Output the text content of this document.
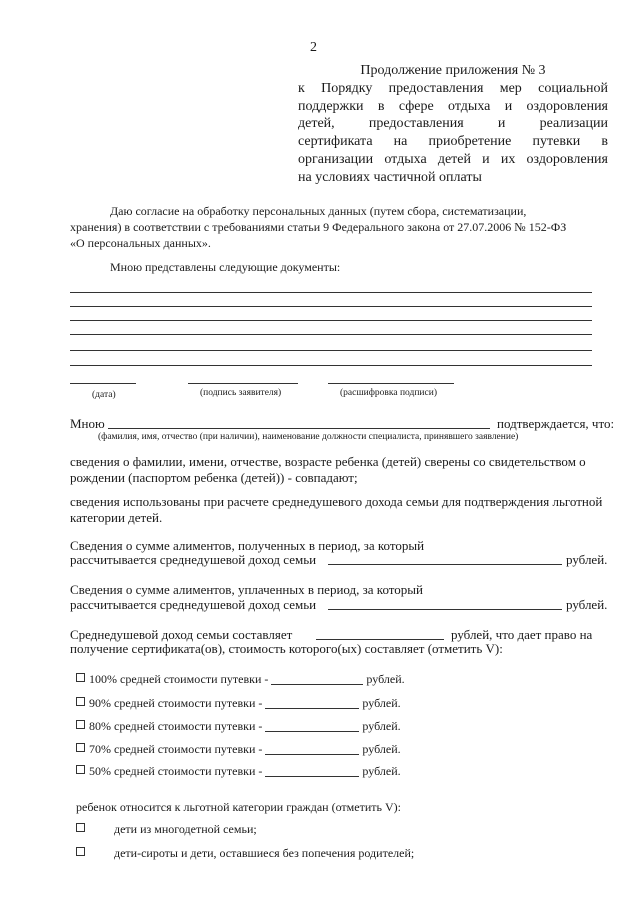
2
Продолжение приложения № 3
к Порядку предоставления мер социальной
поддержки в сфере отдыха и оздоровления
детей, предоставления и реализации
сертификата на приобретение путевки в
организации отдыха детей и их оздоровления
на условиях частичной оплаты
Даю согласие на обработку персональных данных (путем сбора, систематизации,
хранения) в соответствии с требованиями статьи 9 Федерального закона от 27.07.2006 № 152-ФЗ
«О персональных данных».
Мною представлены следующие документы:
(дата)	(подпись заявителя)	(расшифровка подписи)
Мною	подтверждается, что:
(фамилия, имя, отчество (при наличии), наименование должности специалиста, принявшего заявление)
сведения о фамилии, имени, отчестве, возрасте ребенка (детей) сверены со свидетельством о
рождении (паспортом ребенка (детей)) - совпадают;
сведения использованы при расчете среднедушевого дохода семьи для подтверждения льготной
категории детей.
Сведения о сумме алиментов, полученных в период, за который
рассчитывается среднедушевой доход семьи	рублей.
Сведения о сумме алиментов, уплаченных в период, за который
рассчитывается среднедушевой доход семьи	рублей.
Среднедушевой доход семьи составляет	рублей, что дает право на
получение сертификата(ов), стоимость которого(ых) составляет (отметить V):
100% средней стоимости путевки -	рублей.
90% средней стоимости путевки -	рублей.
80% средней стоимости путевки -	рублей.
70% средней стоимости путевки -	рублей.
50% средней стоимости путевки -	рублей.
ребенок относится к льготной категории граждан (отметить V):
дети из многодетной семьи;
дети-сироты и дети, оставшиеся без попечения родителей;
